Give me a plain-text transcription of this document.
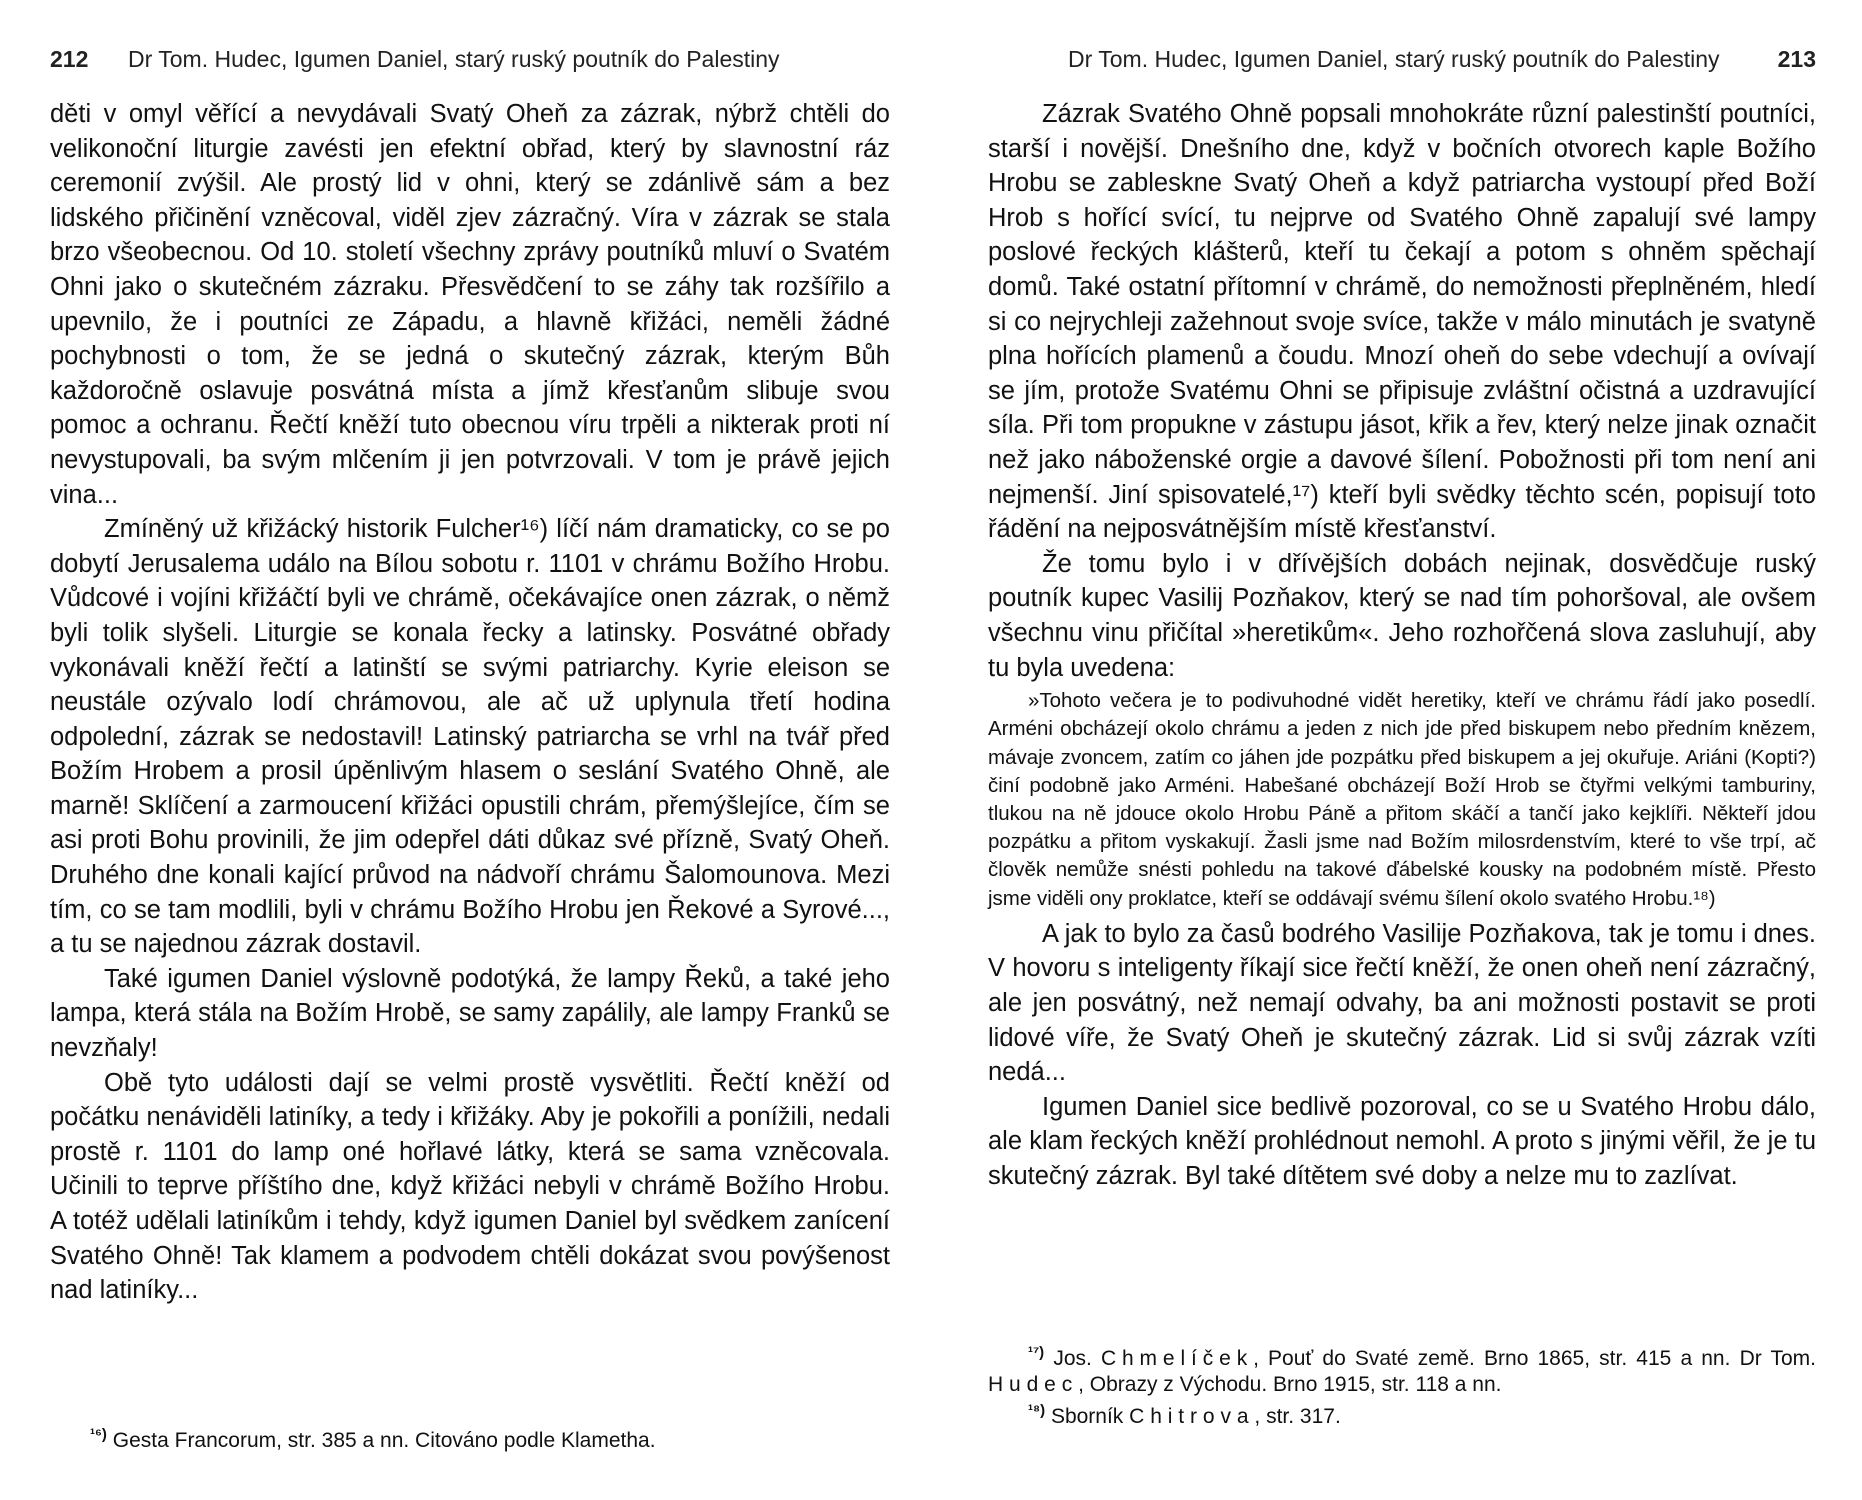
212 Dr Tom. Hudec, Igumen Daniel, starý ruský poutník do Palestiny

děti v omyl věřící a nevydávali Svatý Oheň za zázrak, nýbrž chtěli do velikonoční liturgie zavésti jen efektní obřad, který by slavnostní ráz ceremonií zvýšil. Ale prostý lid v ohni, který se zdánlivě sám a bez lidského přičinění vzněcoval, viděl zjev zázračný. Víra v zázrak se stala brzo všeobecnou. Od 10. století všechny zprávy poutníků mluví o Svatém Ohni jako o skutečném zázraku. Přesvědčení to se záhy tak rozšířilo a upevnilo, že i poutníci ze Západu, a hlavně křižáci, neměli žádné pochybnosti o tom, že se jedná o skutečný zázrak, kterým Bůh každoročně oslavuje posvátná místa a jímž křesťanům slibuje svou pomoc a ochranu. Řečtí kněží tuto obecnou víru trpěli a nikterak proti ní nevystupovali, ba svým mlčením ji jen potvrzovali. V tom je právě jejich vina...

Zmíněný už křižácký historik Fulcher¹⁶) líčí nám dramaticky, co se po dobytí Jerusalema událo na Bílou sobotu r. 1101 v chrámu Božího Hrobu. Vůdcové i vojíni křižáčtí byli ve chrámě, očekávajíce onen zázrak, o němž byli tolik slyšeli. Liturgie se konala řecky a latinsky. Posvátné obřady vykonávali kněží řečtí a latinští se svými patriarchy. Kyrie eleison se neustále ozývalo lodí chrámovou, ale ač už uplynula třetí hodina odpolední, zázrak se nedostavil! Latinský patriarcha se vrhl na tvář před Božím Hrobem a prosil úpěnlivým hlasem o seslání Svatého Ohně, ale marně! Sklíčení a zarmoucení křižáci opustili chrám, přemýšlejíce, čím se asi proti Bohu provinili, že jim odepřel dáti důkaz své přízně, Svatý Oheň. Druhého dne konali kající průvod na nádvoří chrámu Šalomounova. Mezi tím, co se tam modlili, byli v chrámu Božího Hrobu jen Řekové a Syrové..., a tu se najednou zázrak dostavil.

Také igumen Daniel výslovně podotýká, že lampy Řeků, a také jeho lampa, která stála na Božím Hrobě, se samy zapálily, ale lampy Franků se nevzňaly!

Obě tyto události dají se velmi prostě vysvětliti. Řečtí kněží od počátku nenáviděli latiníky, a tedy i křižáky. Aby je pokořili a ponížili, nedali prostě r. 1101 do lamp oné hořlavé látky, která se sama vzněcovala. Učinili to teprve příštího dne, když křižáci nebyli v chrámě Božího Hrobu. A totéž udělali latiníkům i tehdy, když igumen Daniel byl svědkem zanícení Svatého Ohně! Tak klamem a podvodem chtěli dokázat svou povýšenost nad latiníky...

$^{^{16})}$ Gesta Francorum, str. 385 a nn. Citováno podle Klametha.

Dr Tom. Hudec, Igumen Daniel, starý ruský poutník do Palestiny	213

Zázrak Svatého Ohně popsali mnohokráte různí palestinští poutníci, starší i novější. Dnešního dne, když v bočních otvorech kaple Božího Hrobu se zableskne Svatý Oheň a když patriarcha vystoupí před Boží Hrob s hořící svící, tu nejprve od Svatého Ohně zapalují své lampy poslové řeckých klášterů, kteří tu čekají a potom s ohněm spěchají domů. Také ostatní přítomní v chrámě, do nemožnosti přeplněném, hledí si co nejrychleji zažehnout svoje svíce, takže v málo minutách je svatyně plna hořících plamenů a čoudu. Mnozí oheň do sebe vdechují a ovívají se jím, protože Svatému Ohni se připisuje zvláštní očistná a uzdravující síla. Při tom propukne v zástupu jásot, křik a řev, který nelze jinak označit než jako náboženské orgie a davové šílení. Pobožnosti při tom není ani nejmenší. Jiní spisovatelé,¹⁷) kteří byli svědky těchto scén, popisují toto řádění na nejposvátnějším místě křesťanství.

Že tomu bylo i v dřívějších dobách nejinak, dosvědčuje ruský poutník kupec Vasilij Pozňakov, který se nad tím pohoršoval, ale ovšem všechnu vinu přičítal »heretikům«. Jeho rozhořčená slova zasluhují, aby tu byla uvedena:

»Tohoto večera je to podivuhodné vidět heretiky, kteří ve chrámu řádí jako posedlí. Arméni obcházejí okolo chrámu a jeden z nich jde před biskupem nebo předním knězem, mávaje zvoncem, zatím co jáhen jde pozpátku před biskupem a jej okuřuje. Ariáni (Kopti?) činí podobně jako Arméni. Habešané obcházejí Boží Hrob se čtyřmi velkými tamburiny, tlukou na ně jdouce okolo Hrobu Páně a přitom skáčí a tančí jako kejklíři. Někteří jdou pozpátku a přitom vyskakují. Žasli jsme nad Božím milosrdenstvím, které to vše trpí, ač člověk nemůže snésti pohledu na takové ďábelské kousky na podobném místě. Přesto jsme viděli ony proklatce, kteří se oddávají svému šílení okolo svatého Hrobu.¹⁸)

A jak to bylo za časů bodrého Vasilije Pozňakova, tak je tomu i dnes. V hovoru s inteligenty říkají sice řečtí kněží, že onen oheň není zázračný, ale jen posvátný, než nemají odvahy, ba ani možnosti postavit se proti lidové víře, že Svatý Oheň je skutečný zázrak. Lid si svůj zázrak vzíti nedá...

Igumen Daniel sice bedlivě pozoroval, co se u Svatého Hrobu dálo, ale klam řeckých kněží prohlédnout nemohl. A proto s jinými věřil, že je tu skutečný zázrak. Byl také dítětem své doby a nelze mu to zazlívat.

$^{^{17})}$ Jos. Chmelíček, Pouť do Svaté země. Brno 1865, str. 415 a nn. Dr Tom. Hudec, Obrazy z Východu. Brno 1915, str. 118 a nn.

$^{^{18})}$ Sborník Chitrova, str. 317.
